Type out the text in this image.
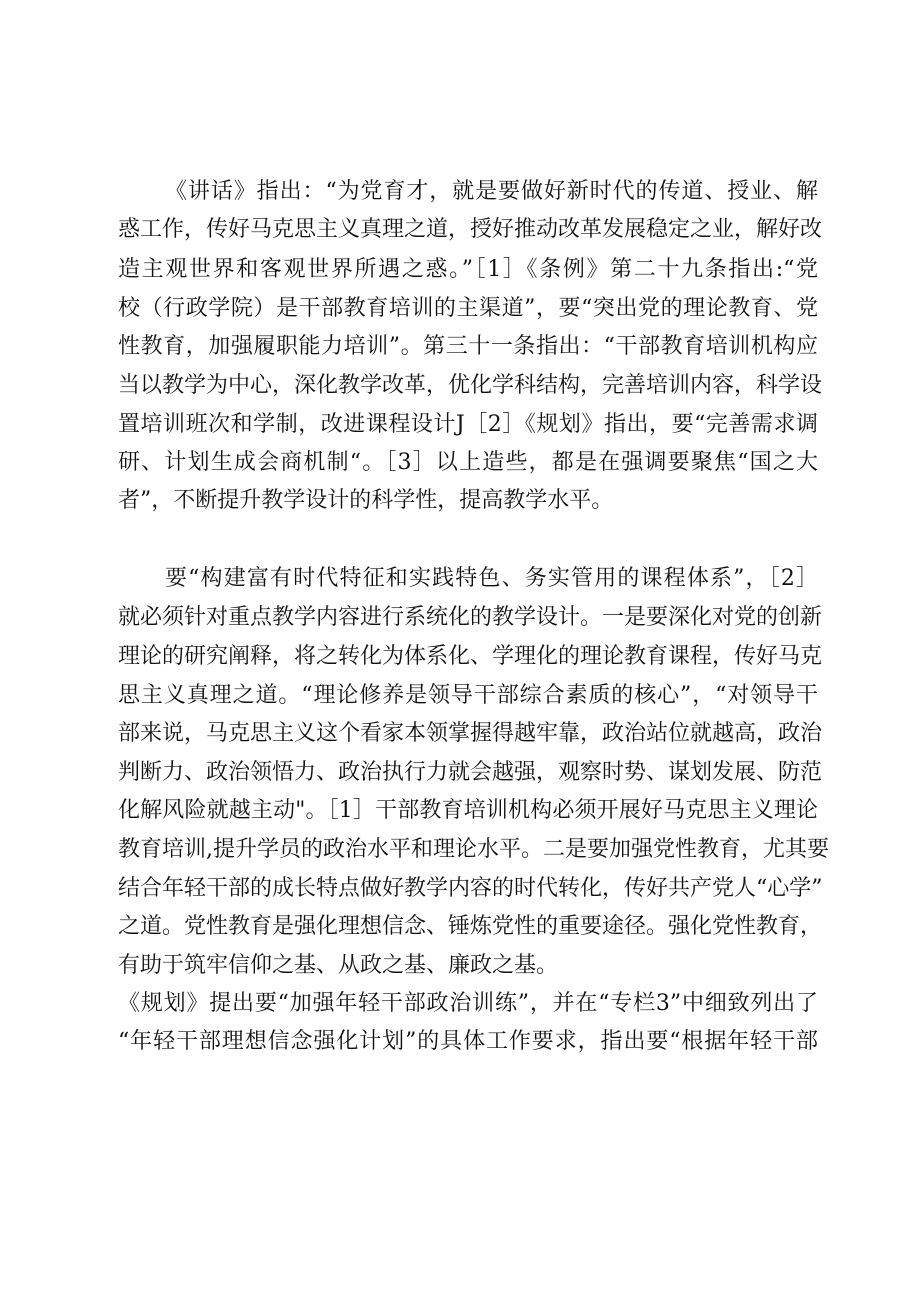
《讲话》指出：“为党育才，就是要做好新时代的传道、授业、解
惑工作，传好马克思主义真理之道，授好推动改革发展稳定之业，解好改
造主观世界和客观世界所遇之惑。”［1］《条例》第二十九条指出:“党
校（行政学院）是干部教育培训的主渠道”，要“突出党的理论教育、党
性教育，加强履职能力培训”。第三十一条指出：“干部教育培训机构应
当以教学为中心，深化教学改革，优化学科结构，完善培训内容，科学设
置培训班次和学制，改进课程设计J［2］《规划》指出，要“完善需求调
研、计划生成会商机制“。［3］以上造些，都是在强调要聚焦“国之大
者”，不断提升教学设计的科学性，提高教学水平。
要“构建富有时代特征和实践特色、务实管用的课程体系”，［2］
就必须针对重点教学内容进行系统化的教学设计。一是要深化对党的创新
理论的研究阐释，将之转化为体系化、学理化的理论教育课程，传好马克
思主义真理之道。“理论修养是领导干部综合素质的核心”，“对领导干
部来说，马克思主义这个看家本领掌握得越牢靠，政治站位就越高，政治
判断力、政治领悟力、政治执行力就会越强，观察时势、谋划发展、防范
化解风险就越主动"。［1］干部教育培训机构必须开展好马克思主义理论
教育培训,提升学员的政治水平和理论水平。二是要加强党性教育，尤其要
结合年轻干部的成长特点做好教学内容的时代转化，传好共产党人“心学”
之道。党性教育是强化理想信念、锤炼党性的重要途径。强化党性教育，
有助于筑牢信仰之基、从政之基、廉政之基。
《规划》提出要“加强年轻干部政治训练”，并在“专栏3”中细致列出了
“年轻干部理想信念强化计划”的具体工作要求，指出要“根据年轻干部
